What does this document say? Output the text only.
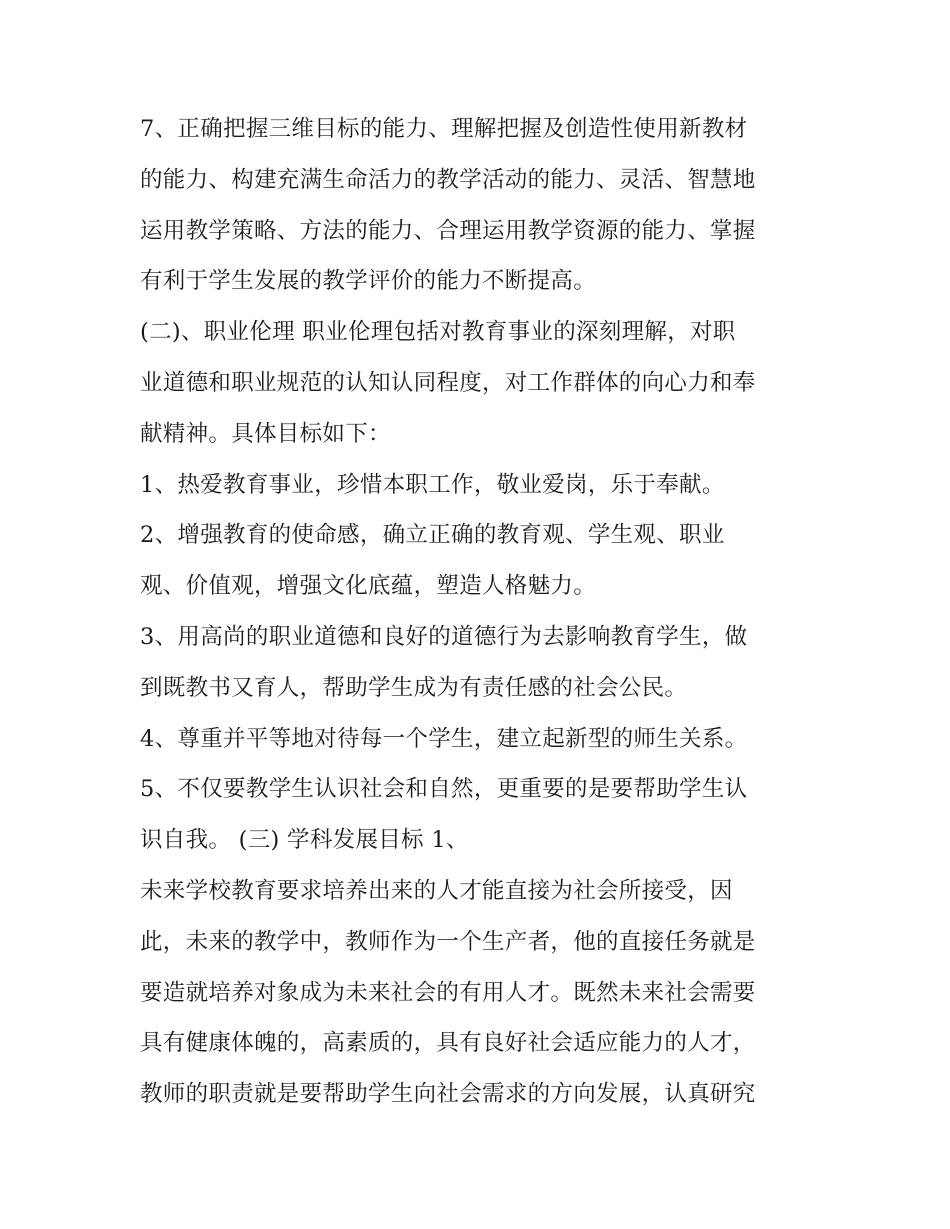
7、正确把握三维目标的能力、理解把握及创造性使用新教材
的能力、构建充满生命活力的教学活动的能力、灵活、智慧地
运用教学策略、方法的能力、合理运用教学资源的能力、掌握
有利于学生发展的教学评价的能力不断提高。
(二)、职业伦理 职业伦理包括对教育事业的深刻理解，对职
业道德和职业规范的认知认同程度，对工作群体的向心力和奉
献精神。具体目标如下：
1、热爱教育事业，珍惜本职工作，敬业爱岗，乐于奉献。
2、增强教育的使命感，确立正确的教育观、学生观、职业
观、价值观，增强文化底蕴，塑造人格魅力。
3、用高尚的职业道德和良好的道德行为去影响教育学生，做
到既教书又育人，帮助学生成为有责任感的社会公民。
4、尊重并平等地对待每一个学生，建立起新型的师生关系。
5、不仅要教学生认识社会和自然，更重要的是要帮助学生认
识自我。 (三) 学科发展目标 1、
未来学校教育要求培养出来的人才能直接为社会所接受，因
此，未来的教学中，教师作为一个生产者，他的直接任务就是
要造就培养对象成为未来社会的有用人才。既然未来社会需要
具有健康体魄的，高素质的，具有良好社会适应能力的人才，
教师的职责就是要帮助学生向社会需求的方向发展，认真研究
